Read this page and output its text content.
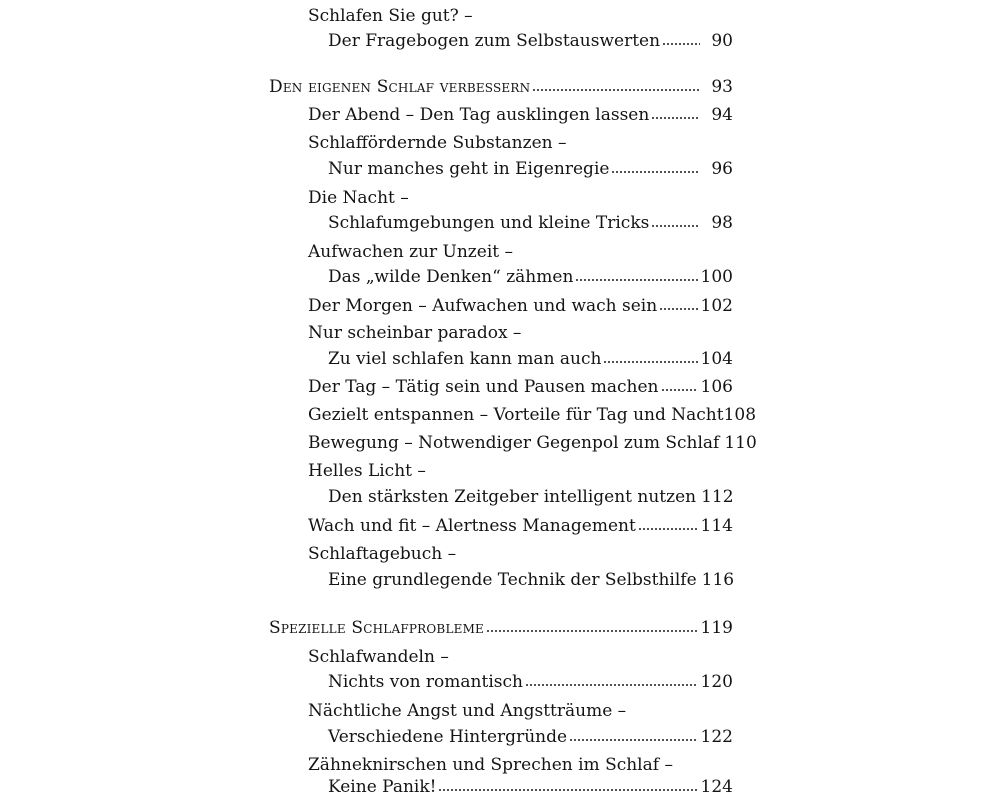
Schlafen Sie gut? –
Der Fragebogen zum Selbstauswerten	90
Den eigenen Schlaf verbessern	93
Der Abend – Den Tag ausklingen lassen	94
Schlaffördernde Substanzen –
Nur manches geht in Eigenregie	96
Die Nacht –
Schlafumgebungen und kleine Tricks	98
Aufwachen zur Unzeit –
Das „wilde Denken“ zähmen	100
Der Morgen – Aufwachen und wach sein	102
Nur scheinbar paradox –
Zu viel schlafen kann man auch	104
Der Tag – Tätig sein und Pausen machen 106
Gezielt entspannen – Vorteile für Tag und Nacht 108
Bewegung – Notwendiger Gegenpol zum Schlaf 110
Helles Licht –
Den stärksten Zeitgeber intelligent nutzen 112
Wach und fit – Alertness Management	114
Schlaftagebuch –
Eine grundlegende Technik der Selbsthilfe 116
Spezielle Schlafprobleme	119
Schlafwandeln –
Nichts von romantisch	120
Nächtliche Angst und Angstträume –
Verschiedene Hintergründe	122
Zähneknirschen und Sprechen im Schlaf –
Keine Panik!	124
